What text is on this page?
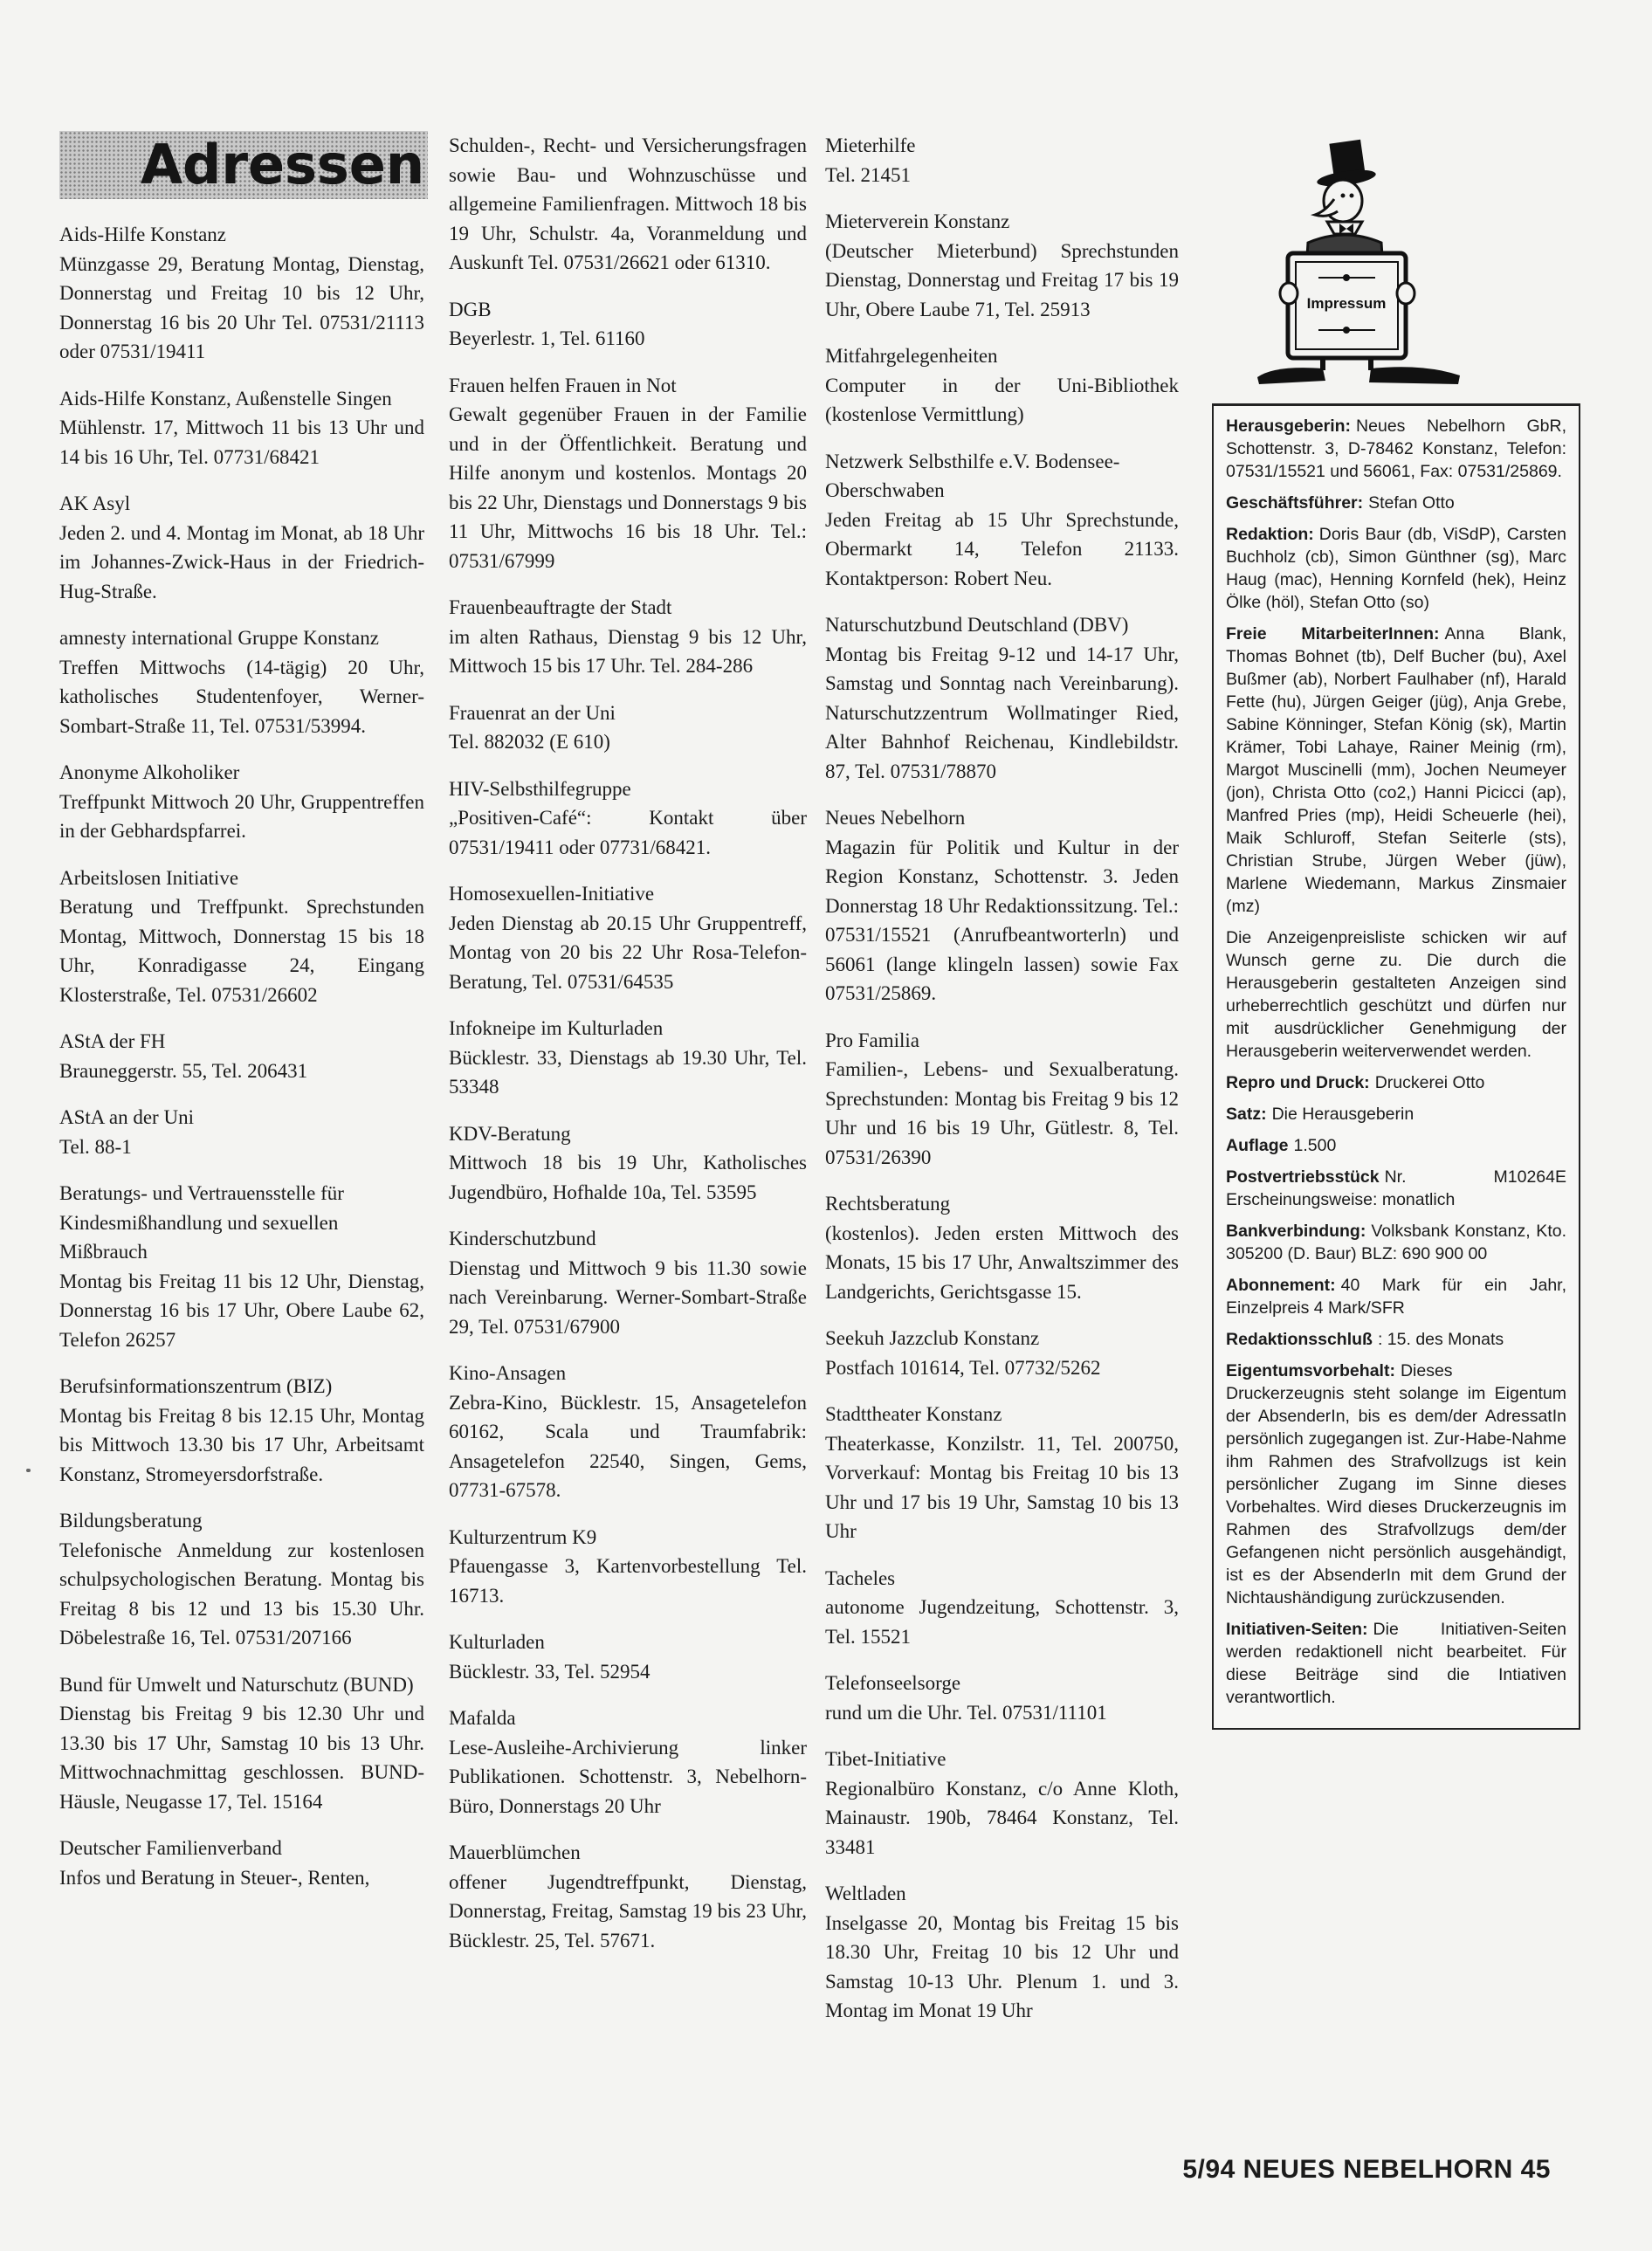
Adressen
Aids-Hilfe Konstanz
Münzgasse 29, Beratung Montag, Dienstag, Donnerstag und Freitag 10 bis 12 Uhr, Donnerstag 16 bis 20 Uhr Tel. 07531/21113 oder 07531/19411
Aids-Hilfe Konstanz, Außenstelle Singen
Mühlenstr. 17, Mittwoch 11 bis 13 Uhr und 14 bis 16 Uhr, Tel. 07731/68421
AK Asyl
Jeden 2. und 4. Montag im Monat, ab 18 Uhr im Johannes-Zwick-Haus in der Friedrich-Hug-Straße.
amnesty international Gruppe Konstanz
Treffen Mittwochs (14-tägig) 20 Uhr, katholisches Studentenfoyer, Werner-Sombart-Straße 11, Tel. 07531/53994.
Anonyme Alkoholiker
Treffpunkt Mittwoch 20 Uhr, Gruppentreffen in der Gebhardspfarrei.
Arbeitslosen Initiative
Beratung und Treffpunkt. Sprechstunden Montag, Mittwoch, Donnerstag 15 bis 18 Uhr, Konradigasse 24, Eingang Klosterstraße, Tel. 07531/26602
AStA der FH
Brauneggerstr. 55, Tel. 206431
AStA an der Uni
Tel. 88-1
Beratungs- und Vertrauensstelle für Kindesmißhandlung und sexuellen Mißbrauch
Montag bis Freitag 11 bis 12 Uhr, Dienstag, Donnerstag 16 bis 17 Uhr, Obere Laube 62, Telefon 26257
Berufsinformationszentrum (BIZ)
Montag bis Freitag 8 bis 12.15 Uhr, Montag bis Mittwoch 13.30 bis 17 Uhr, Arbeitsamt Konstanz, Stromeyersdorfstraße.
Bildungsberatung
Telefonische Anmeldung zur kostenlosen schulpsychologischen Beratung. Montag bis Freitag 8 bis 12 und 13 bis 15.30 Uhr. Döbelestraße 16, Tel. 07531/207166
Bund für Umwelt und Naturschutz (BUND)
Dienstag bis Freitag 9 bis 12.30 Uhr und 13.30 bis 17 Uhr, Samstag 10 bis 13 Uhr. Mittwochnachmittag geschlossen. BUND-Häusle, Neugasse 17, Tel. 15164
Deutscher Familienverband
Infos und Beratung in Steuer-, Renten,
Schulden-, Recht- und Versicherungsfragen sowie Bau- und Wohnzuschüsse und allgemeine Familienfragen. Mittwoch 18 bis 19 Uhr, Schulstr. 4a, Voranmeldung und Auskunft Tel. 07531/26621 oder 61310.
DGB
Beyerlestr. 1, Tel. 61160
Frauen helfen Frauen in Not
Gewalt gegenüber Frauen in der Familie und in der Öffentlichkeit. Beratung und Hilfe anonym und kostenlos. Montags 20 bis 22 Uhr, Dienstags und Donnerstags 9 bis 11 Uhr, Mittwochs 16 bis 18 Uhr. Tel.: 07531/67999
Frauenbeauftragte der Stadt
im alten Rathaus, Dienstag 9 bis 12 Uhr, Mittwoch 15 bis 17 Uhr. Tel. 284-286
Frauenrat an der Uni
Tel. 882032 (E 610)
HIV-Selbsthilfegruppe
„Positiven-Café“: Kontakt über 07531/19411 oder 07731/68421.
Homosexuellen-Initiative
Jeden Dienstag ab 20.15 Uhr Gruppentreff, Montag von 20 bis 22 Uhr Rosa-Telefon-Beratung, Tel. 07531/64535
Infokneipe im Kulturladen
Bücklestr. 33, Dienstags ab 19.30 Uhr, Tel. 53348
KDV-Beratung
Mittwoch 18 bis 19 Uhr, Katholisches Jugendbüro, Hofhalde 10a, Tel. 53595
Kinderschutzbund
Dienstag und Mittwoch 9 bis 11.30 sowie nach Vereinbarung. Werner-Sombart-Straße 29, Tel. 07531/67900
Kino-Ansagen
Zebra-Kino, Bücklestr. 15, Ansagetelefon 60162, Scala und Traumfabrik: Ansagetelefon 22540, Singen, Gems, 07731-67578.
Kulturzentrum K9
Pfauengasse 3, Kartenvorbestellung Tel. 16713.
Kulturladen
Bücklestr. 33, Tel. 52954
Mafalda
Lese-Ausleihe-Archivierung linker Publikationen. Schottenstr. 3, Nebelhorn-Büro, Donnerstags 20 Uhr
Mauerblümchen
offener Jugendtreffpunkt, Dienstag, Donnerstag, Freitag, Samstag 19 bis 23 Uhr, Bücklestr. 25, Tel. 57671.
Mieterhilfe
Tel. 21451
Mieterverein Konstanz
(Deutscher Mieterbund) Sprechstunden Dienstag, Donnerstag und Freitag 17 bis 19 Uhr, Obere Laube 71, Tel. 25913
Mitfahrgelegenheiten
Computer in der Uni-Bibliothek (kostenlose Vermittlung)
Netzwerk Selbsthilfe e.V. Bodensee-Oberschwaben
Jeden Freitag ab 15 Uhr Sprechstunde, Obermarkt 14, Telefon 21133. Kontaktperson: Robert Neu.
Naturschutzbund Deutschland (DBV)
Montag bis Freitag 9-12 und 14-17 Uhr, Samstag und Sonntag nach Vereinbarung). Naturschutzzentrum Wollmatinger Ried, Alter Bahnhof Reichenau, Kindlebildstr. 87, Tel. 07531/78870
Neues Nebelhorn
Magazin für Politik und Kultur in der Region Konstanz, Schottenstr. 3. Jeden Donnerstag 18 Uhr Redaktionssitzung. Tel.: 07531/15521 (Anrufbeantworterln) und 56061 (lange klingeln lassen) sowie Fax 07531/25869.
Pro Familia
Familien-, Lebens- und Sexualberatung. Sprechstunden: Montag bis Freitag 9 bis 12 Uhr und 16 bis 19 Uhr, Gütlestr. 8, Tel. 07531/26390
Rechtsberatung
(kostenlos). Jeden ersten Mittwoch des Monats, 15 bis 17 Uhr, Anwaltszimmer des Landgerichts, Gerichtsgasse 15.
Seekuh Jazzclub Konstanz
Postfach 101614, Tel. 07732/5262
Stadttheater Konstanz
Theaterkasse, Konzilstr. 11, Tel. 200750, Vorverkauf: Montag bis Freitag 10 bis 13 Uhr und 17 bis 19 Uhr, Samstag 10 bis 13 Uhr
Tacheles
autonome Jugendzeitung, Schottenstr. 3, Tel. 15521
Telefonseelsorge
rund um die Uhr. Tel. 07531/11101
Tibet-Initiative
Regionalbüro Konstanz, c/o Anne Kloth, Mainaustr. 190b, 78464 Konstanz, Tel. 33481
Weltladen
Inselgasse 20, Montag bis Freitag 15 bis 18.30 Uhr, Freitag 10 bis 12 Uhr und Samstag 10-13 Uhr. Plenum 1. und 3. Montag im Monat 19 Uhr
Impressum
Herausgeberin: Neues Nebelhorn GbR, Schottenstr. 3, D-78462 Konstanz, Telefon: 07531/15521 und 56061, Fax: 07531/25869.
Geschäftsführer: Stefan Otto
Redaktion: Doris Baur (db, ViSdP), Carsten Buchholz (cb), Simon Günthner (sg), Marc Haug (mac), Henning Kornfeld (hek), Heinz Ölke (höl), Stefan Otto (so)
Freie MitarbeiterInnen: Anna Blank, Thomas Bohnet (tb), Delf Bucher (bu), Axel Bußmer (ab), Norbert Faulhaber (nf), Harald Fette (hu), Jürgen Geiger (jüg), Anja Grebe, Sabine Könninger, Stefan König (sk), Martin Krämer, Tobi Lahaye, Rainer Meinig (rm), Margot Muscinelli (mm), Jochen Neumeyer (jon), Christa Otto (co2,) Hanni Picicci (ap), Manfred Pries (mp), Heidi Scheuerle (hei), Maik Schluroff, Stefan Seiterle (sts), Christian Strube, Jürgen Weber (jüw), Marlene Wiedemann, Markus Zinsmaier (mz)
Die Anzeigenpreisliste schicken wir auf Wunsch gerne zu. Die durch die Herausgeberin gestalteten Anzeigen sind urheberrechtlich geschützt und dürfen nur mit ausdrücklicher Genehmigung der Herausgeberin weiterverwendet werden.
Repro und Druck: Druckerei Otto
Satz: Die Herausgeberin
Auflage 1.500
Postvertriebsstück Nr. M10264E Erscheinungsweise: monatlich
Bankverbindung: Volksbank Konstanz, Kto. 305200 (D. Baur) BLZ: 690 900 00
Abonnement: 40 Mark für ein Jahr, Einzelpreis 4 Mark/SFR
Redaktionsschluß : 15. des Monats
Eigentumsvorbehalt: Dieses Druckerzeugnis steht solange im Eigentum der AbsenderIn, bis es dem/der AdressatIn persönlich zugegangen ist. Zur-Habe-Nahme ihm Rahmen des Strafvollzugs ist kein persönlicher Zugang im Sinne dieses Vorbehaltes. Wird dieses Druckerzeugnis im Rahmen des Strafvollzugs dem/der Gefangenen nicht persönlich ausgehändigt, ist es der AbsenderIn mit dem Grund der Nichtaushändigung zurückzusenden.
Initiativen-Seiten: Die Initiativen-Seiten werden redaktionell nicht bearbeitet. Für diese Beiträge sind die Intiativen verantwortlich.
5/94 NEUES NEBELHORN 45
